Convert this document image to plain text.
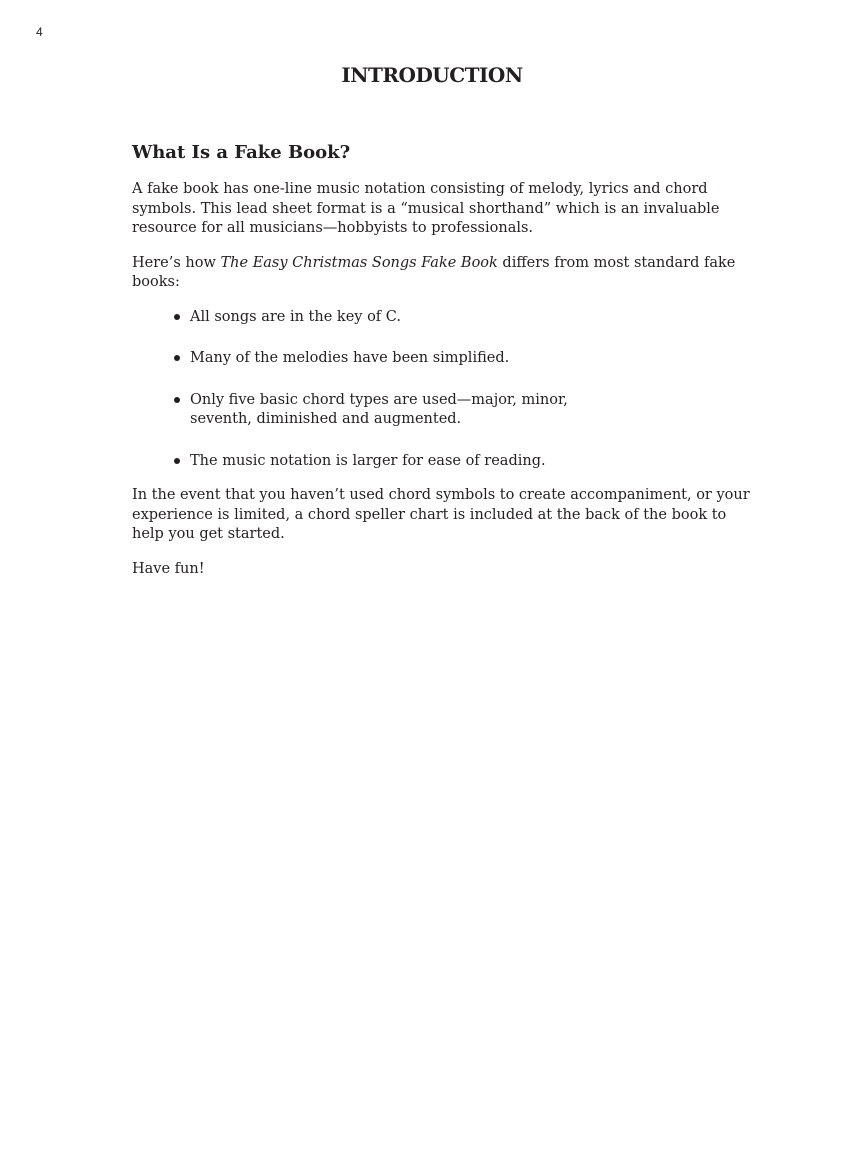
4
INTRODUCTION
What Is a Fake Book?

A fake book has one-line music notation consisting of melody, lyrics and chord symbols. This lead sheet format is a “musical shorthand” which is an invaluable resource for all musicians—hobbyists to professionals.

Here’s how The Easy Christmas Songs Fake Book differs from most standard fake books:

All songs are in the key of C.
Many of the melodies have been simplified.
Only five basic chord types are used—major, minor, seventh, diminished and augmented.
The music notation is larger for ease of reading.

In the event that you haven’t used chord symbols to create accompaniment, or your experience is limited, a chord speller chart is included at the back of the book to help you get started.

Have fun!
